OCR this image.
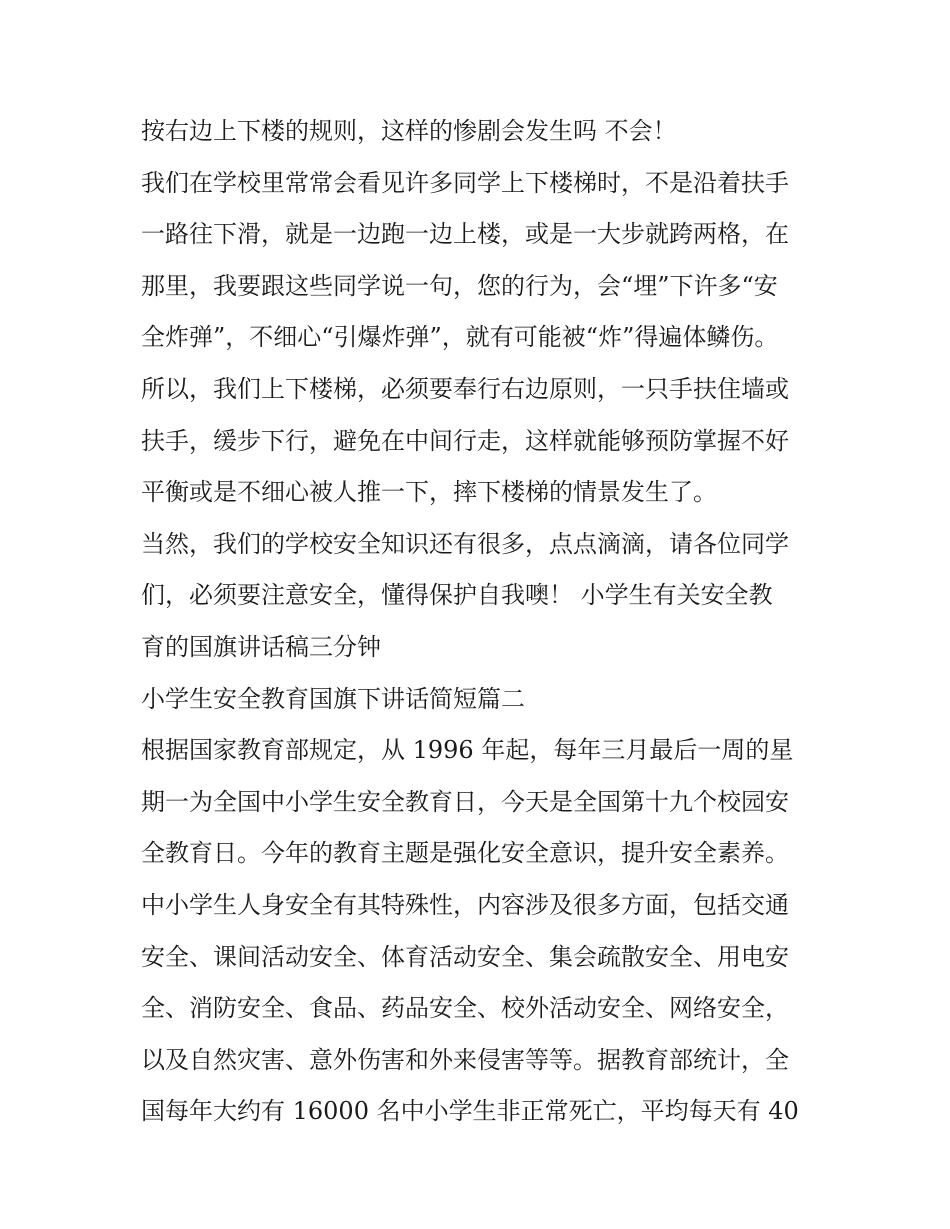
按右边上下楼的规则，这样的惨剧会发生吗 不会！
我们在学校里常常会看见许多同学上下楼梯时，不是沿着扶手
一路往下滑，就是一边跑一边上楼，或是一大步就跨两格，在
那里，我要跟这些同学说一句，您的行为，会“埋”下许多“安
全炸弹”，不细心“引爆炸弹”，就有可能被“炸”得遍体鳞伤。
所以，我们上下楼梯，必须要奉行右边原则，一只手扶住墙或
扶手，缓步下行，避免在中间行走，这样就能够预防掌握不好
平衡或是不细心被人推一下，摔下楼梯的情景发生了。
当然，我们的学校安全知识还有很多，点点滴滴，请各位同学
们，必须要注意安全，懂得保护自我噢！ 小学生有关安全教
育的国旗讲话稿三分钟
小学生安全教育国旗下讲话简短篇二
根据国家教育部规定，从 1996 年起，每年三月最后一周的星
期一为全国中小学生安全教育日，今天是全国第十九个校园安
全教育日。今年的教育主题是强化安全意识，提升安全素养。
中小学生人身安全有其特殊性，内容涉及很多方面，包括交通
安全、课间活动安全、体育活动安全、集会疏散安全、用电安
全、消防安全、食品、药品安全、校外活动安全、网络安全，
以及自然灾害、意外伤害和外来侵害等等。据教育部统计，全
国每年大约有 16000 名中小学生非正常死亡，平均每天有 40
